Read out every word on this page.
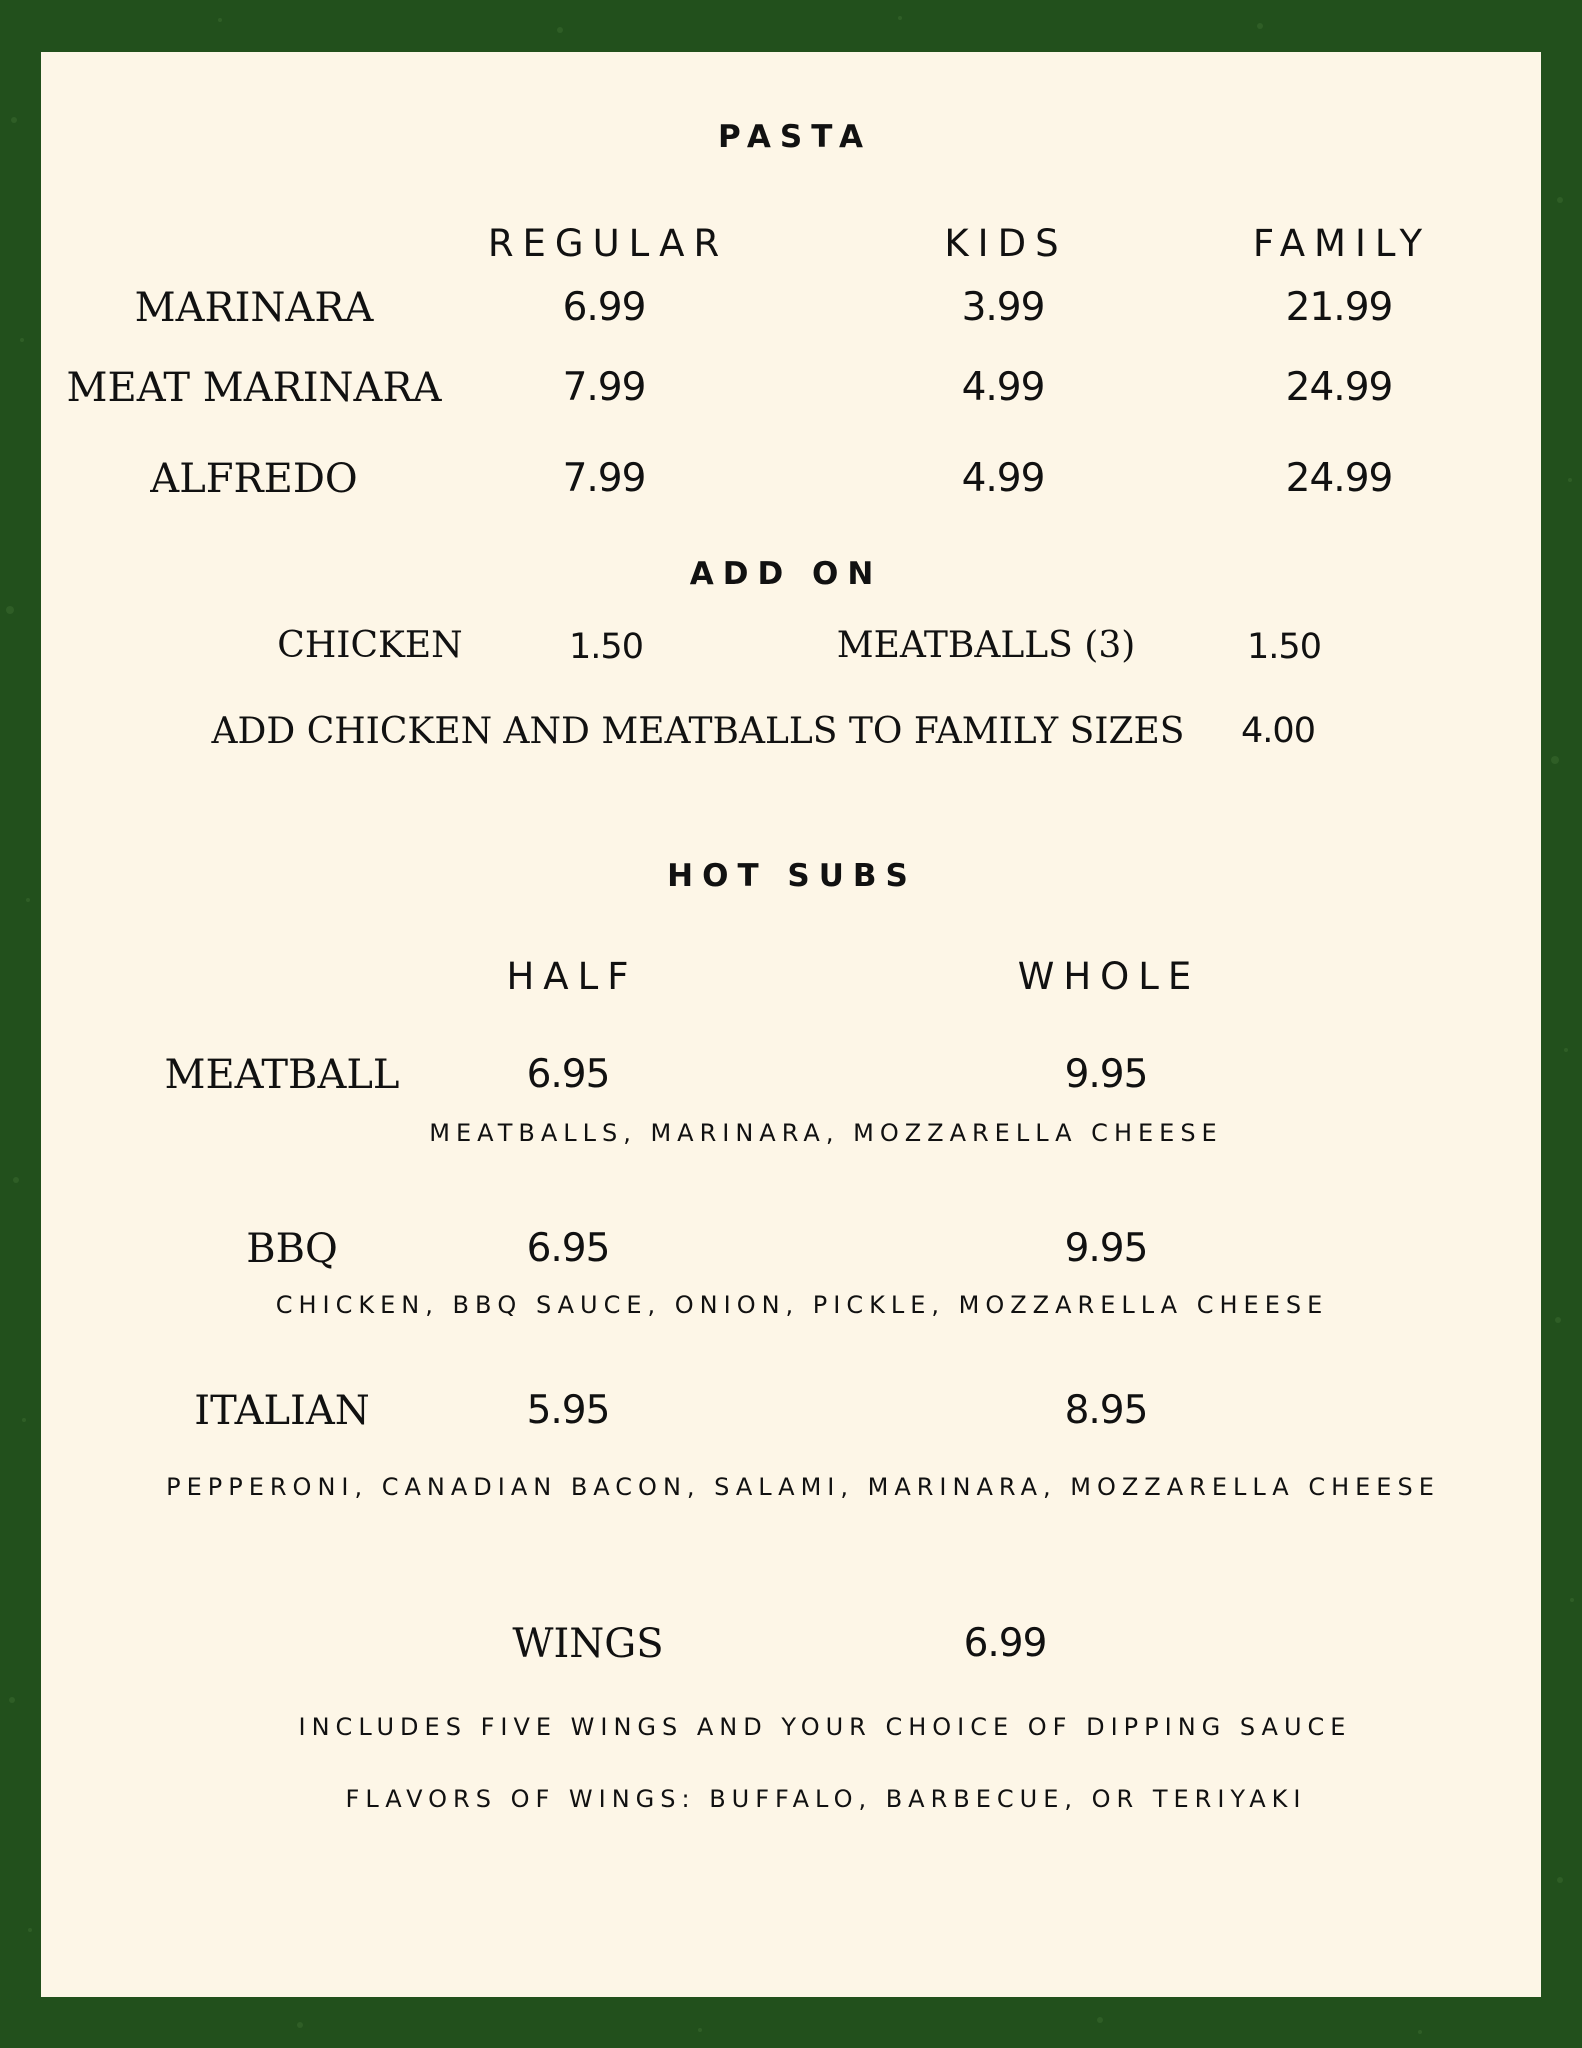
PASTA
REGULAR	KIDS	FAMILY
MARINARA	6.99	3.99	21.99
MEAT MARINARA	7.99	4.99	24.99
ALFREDO	7.99	4.99	24.99
ADD ON
CHICKEN	1.50	MEATBALLS (3)	1.50
ADD CHICKEN AND MEATBALLS TO FAMILY SIZES 4.00
HOT SUBS
HALF	WHOLE
MEATBALL	6.95	9.95
MEATBALLS, MARINARA, MOZZARELLA CHEESE
BBQ	6.95	9.95
CHICKEN, BBQ SAUCE, ONION, PICKLE, MOZZARELLA CHEESE
ITALIAN	5.95	8.95
PEPPERONI, CANADIAN BACON, SALAMI, MARINARA, MOZZARELLA CHEESE
WINGS	6.99
INCLUDES FIVE WINGS AND YOUR CHOICE OF DIPPING SAUCE
FLAVORS OF WINGS: BUFFALO, BARBECUE, OR TERIYAKI
